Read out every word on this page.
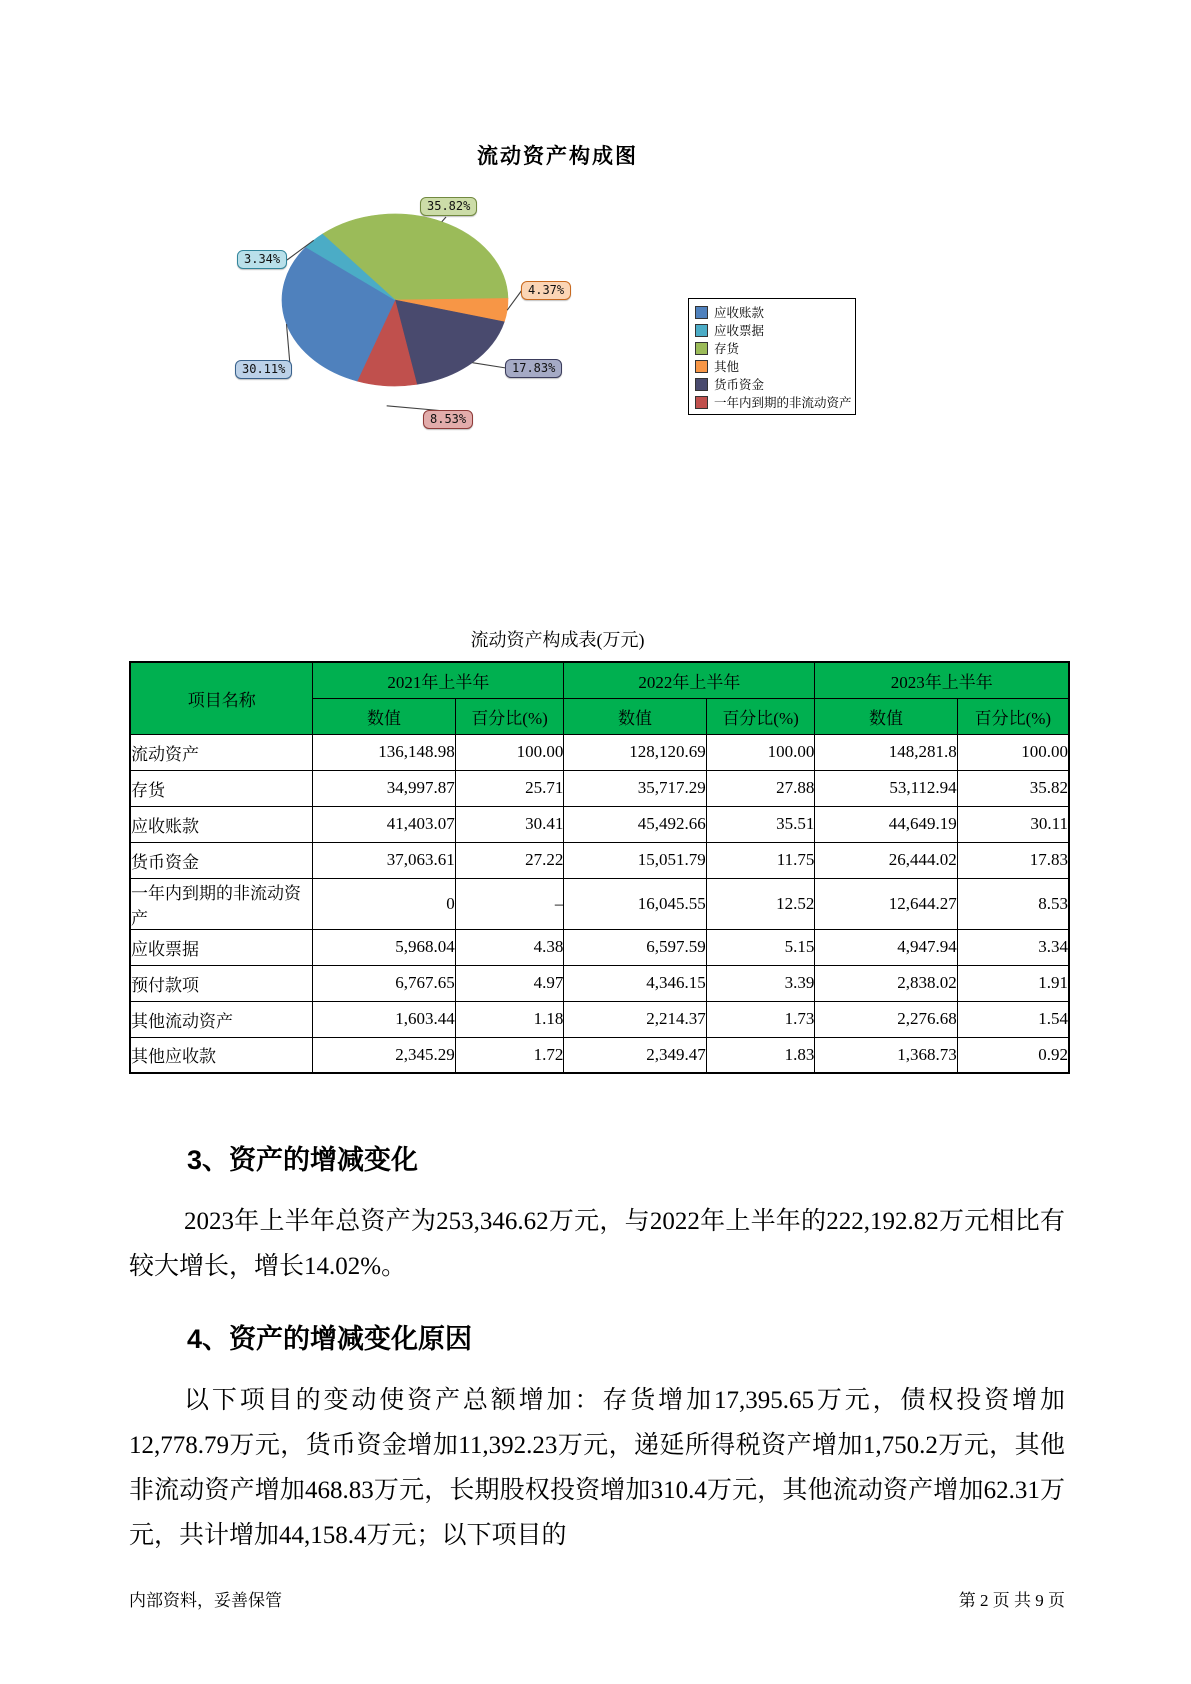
流动资产构成图
30.11%
3.34%
35.82%
4.37%
17.83%
8.53%
应收账款
应收票据
存货
其他
货币资金
一年内到期的非流动资产
流动资产构成表(万元)
项目名称	2021年上半年		2022年上半年		2023年上半年	
	数值	百分比(%)	数值	百分比(%)	数值	百分比(%)
流动资产	136,148.98	100.00	128,120.69	100.00	148,281.8	100.00
存货	34,997.87	25.71	35,717.29	27.88	53,112.94	35.82
应收账款	41,403.07	30.41	45,492.66	35.51	44,649.19	30.11
货币资金	37,063.61	27.22	15,051.79	11.75	26,444.02	17.83
一年内到期的非流动资产	0	–	16,045.55	12.52	12,644.27	8.53
应收票据	5,968.04	4.38	6,597.59	5.15	4,947.94	3.34
预付款项	6,767.65	4.97	4,346.15	3.39	2,838.02	1.91
其他流动资产	1,603.44	1.18	2,214.37	1.73	2,276.68	1.54
其他应收款	2,345.29	1.72	2,349.47	1.83	1,368.73	0.92
3、资产的增减变化

2023年上半年总资产为253,346.62万元，与2022年上半年的222,192.82万元相比有较大增长，增长14.02%。

4、资产的增减变化原因

以下项目的变动使资产总额增加：存货增加17,395.65万元，债权投资增加12,778.79万元，货币资金增加11,392.23万元，递延所得税资产增加1,750.2万元，其他非流动资产增加468.83万元，长期股权投资增加310.4万元，其他流动资产增加62.31万元，共计增加44,158.4万元；以下项目的

内部资料，妥善保管	第 2 页 共 9 页
